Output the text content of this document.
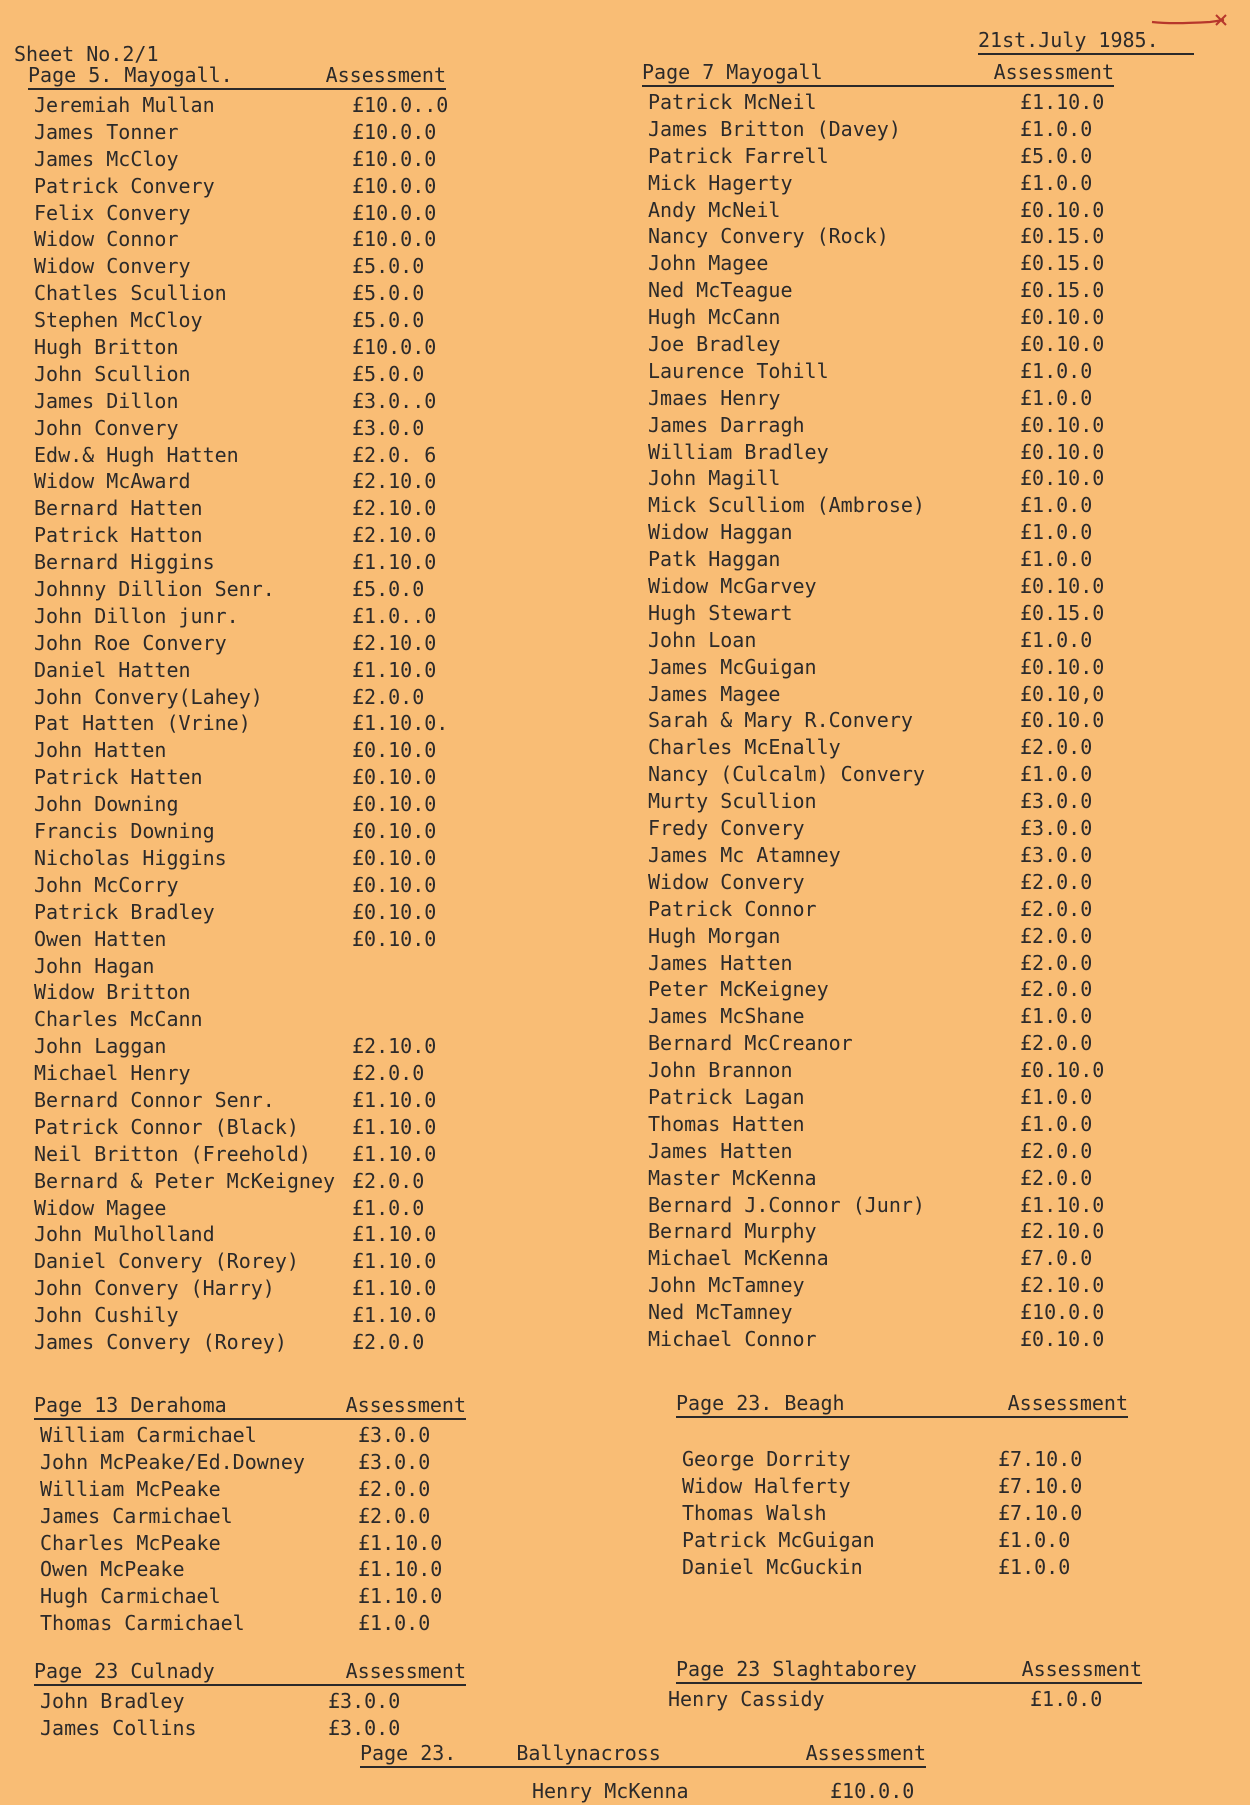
Sheet No.2/1
21st.July 1985.
Page 5. Mayogall.	Assessment
Jeremiah Mullan	£10.0..0
James Tonner	£10.0.0
James McCloy	£10.0.0
Patrick Convery	£10.0.0
Felix Convery	£10.0.0
Widow Connor	£10.0.0
Widow Convery	£5.0.0
Chatles Scullion	£5.0.0
Stephen McCloy	£5.0.0
Hugh Britton	£10.0.0
John Scullion	£5.0.0
James Dillon	£3.0..0
John Convery	£3.0.0
Edw.& Hugh Hatten	£2.0. 6
Widow McAward	£2.10.0
Bernard Hatten	£2.10.0
Patrick Hatton	£2.10.0
Bernard Higgins	£1.10.0
Johnny Dillion Senr.	£5.0.0
John Dillon junr.	£1.0..0
John Roe Convery	£2.10.0
Daniel Hatten	£1.10.0
John Convery(Lahey)	£2.0.0
Pat Hatten (Vrine)	£1.10.0.
John Hatten	£0.10.0
Patrick Hatten	£0.10.0
John Downing	£0.10.0
Francis Downing	£0.10.0
Nicholas Higgins	£0.10.0
John McCorry	£0.10.0
Patrick Bradley	£0.10.0
Owen Hatten	£0.10.0
John Hagan
Widow Britton
Charles McCann
John Laggan	£2.10.0
Michael Henry	£2.0.0
Bernard Connor Senr.	£1.10.0
Patrick Connor (Black)	£1.10.0
Neil Britton (Freehold) £1.10.0
Bernard & Peter McKeigney £2.0.0
Widow Magee	£1.0.0
John Mulholland	£1.10.0
Daniel Convery (Rorey)	£1.10.0
John Convery (Harry)	£1.10.0
John Cushily	£1.10.0
James Convery (Rorey)	£2.0.0
Page 7 Mayogall	Assessment
Patrick McNeil	£1.10.0
James Britton (Davey)	£1.0.0
Patrick Farrell	£5.0.0
Mick Hagerty	£1.0.0
Andy McNeil	£0.10.0
Nancy Convery (Rock)	£0.15.0
John Magee	£0.15.0
Ned McTeague	£0.15.0
Hugh McCann	£0.10.0
Joe Bradley	£0.10.0
Laurence Tohill	£1.0.0
Jmaes Henry	£1.0.0
James Darragh	£0.10.0
William Bradley	£0.10.0
John Magill	£0.10.0
Mick Sculliom (Ambrose)	£1.0.0
Widow Haggan	£1.0.0
Patk Haggan	£1.0.0
Widow McGarvey	£0.10.0
Hugh Stewart	£0.15.0
John Loan	£1.0.0
James McGuigan	£0.10.0
James Magee	£0.10,0
Sarah & Mary R.Convery	£0.10.0
Charles McEnally	£2.0.0
Nancy (Culcalm) Convery	£1.0.0
Murty Scullion	£3.0.0
Fredy Convery	£3.0.0
James Mc Atamney	£3.0.0
Widow Convery	£2.0.0
Patrick Connor	£2.0.0
Hugh Morgan	£2.0.0
James Hatten	£2.0.0
Peter McKeigney	£2.0.0
James McShane	£1.0.0
Bernard McCreanor	£2.0.0
John Brannon	£0.10.0
Patrick Lagan	£1.0.0
Thomas Hatten	£1.0.0
James Hatten	£2.0.0
Master McKenna	£2.0.0
Bernard J.Connor (Junr)	£1.10.0
Bernard Murphy	£2.10.0
Michael McKenna	£7.0.0
John McTamney	£2.10.0
Ned McTamney	£10.0.0
Michael Connor	£0.10.0
Page 13 Derahoma	Assessment
William Carmichael	£3.0.0
John McPeake/Ed.Downey	£3.0.0
William McPeake	£2.0.0
James Carmichael	£2.0.0
Charles McPeake	£1.10.0
Owen McPeake	£1.10.0
Hugh Carmichael	£1.10.0
Thomas Carmichael	£1.0.0
Page 23. Beagh	Assessment
George Dorrity	£7.10.0
Widow Halferty	£7.10.0
Thomas Walsh	£7.10.0
Patrick McGuigan	£1.0.0
Daniel McGuckin	£1.0.0
Page 23 Culnady	Assessment
John Bradley	£3.0.0
James Collins	£3.0.0
Page 23 Slaghtaborey	Assessment
Henry Cassidy	£1.0.0
Page 23.	Ballynacross	Assessment
Henry McKenna	£10.0.0
